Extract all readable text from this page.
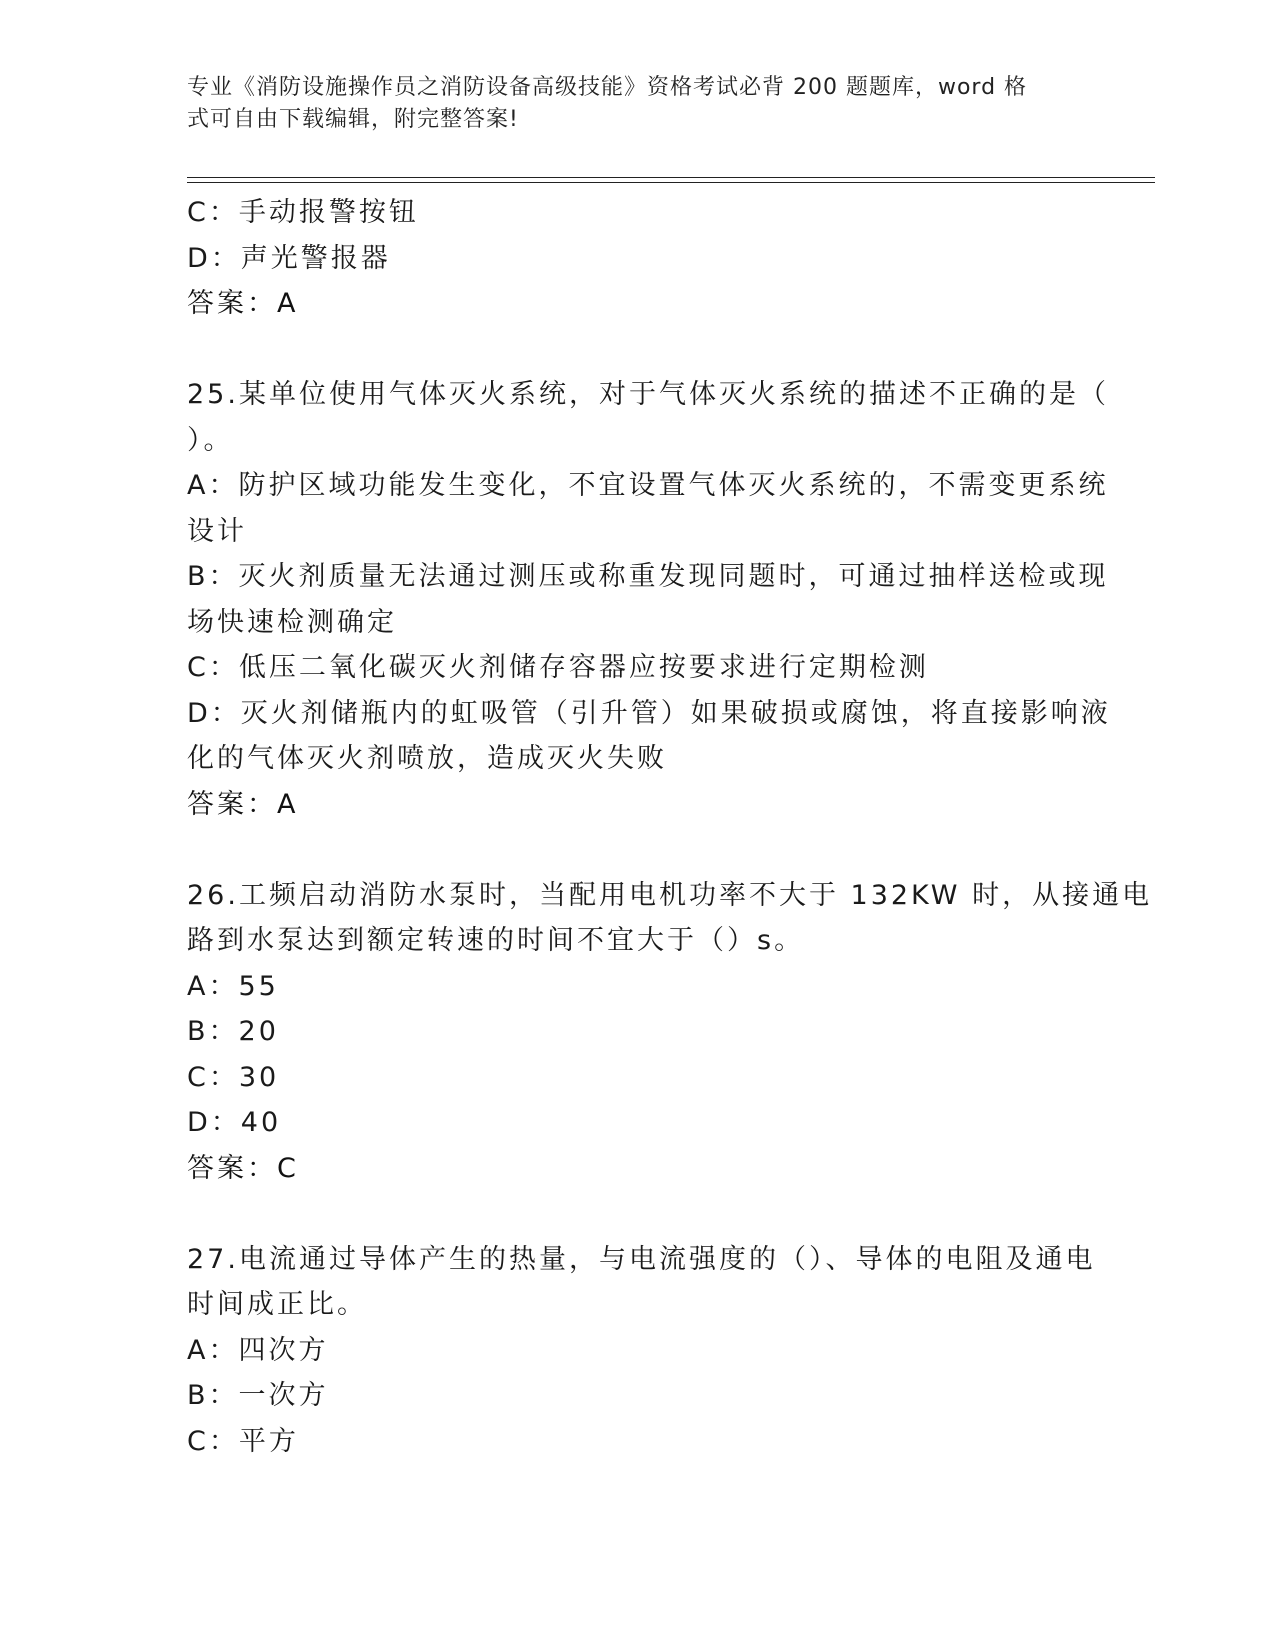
专业《消防设施操作员之消防设备高级技能》资格考试必背 200 题题库，word 格
式可自由下载编辑，附完整答案!
C：手动报警按钮
D：声光警报器
答案：A
25.某单位使用气体灭火系统，对于气体灭火系统的描述不正确的是（
）。
A：防护区域功能发生变化，不宜设置气体灭火系统的，不需变更系统
设计
B：灭火剂质量无法通过测压或称重发现同题时，可通过抽样送检或现
场快速检测确定
C：低压二氧化碳灭火剂储存容器应按要求进行定期检测
D：灭火剂储瓶内的虹吸管（引升管）如果破损或腐蚀，将直接影响液
化的气体灭火剂喷放，造成灭火失败
答案：A
26.工频启动消防水泵时，当配用电机功率不大于 132KW 时，从接通电
路到水泵达到额定转速的时间不宜大于（）s。
A：55
B：20
C：30
D：40
答案：C
27.电流通过导体产生的热量，与电流强度的（）、导体的电阻及通电
时间成正比。
A：四次方
B：一次方
C：平方
